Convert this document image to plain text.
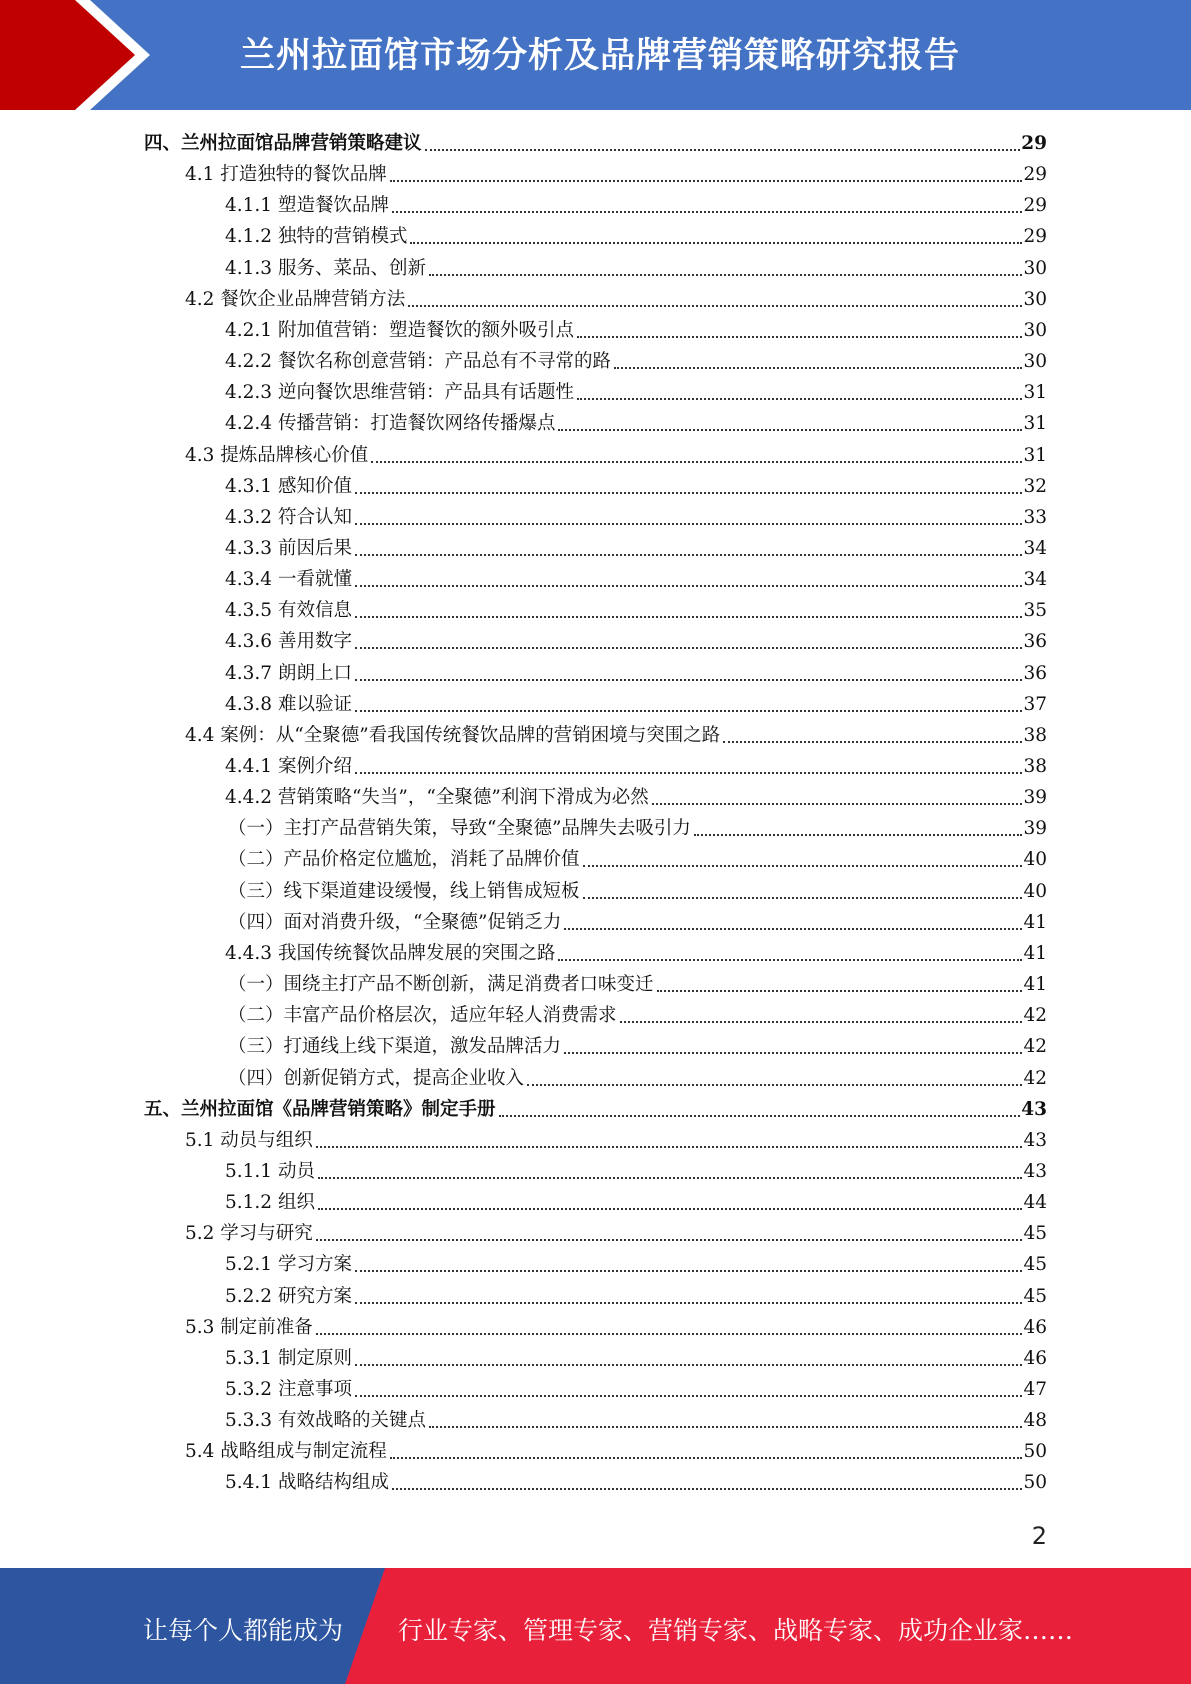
兰州拉面馆市场分析及品牌营销策略研究报告
四、兰州拉面馆品牌营销策略建议	29
4.1 打造独特的餐饮品牌	29
4.1.1 塑造餐饮品牌	29
4.1.2 独特的营销模式	29
4.1.3 服务、菜品、创新	30
4.2 餐饮企业品牌营销方法	30
4.2.1 附加值营销：塑造餐饮的额外吸引点	30
4.2.2 餐饮名称创意营销：产品总有不寻常的路	30
4.2.3 逆向餐饮思维营销：产品具有话题性	31
4.2.4 传播营销：打造餐饮网络传播爆点	31
4.3 提炼品牌核心价值	31
4.3.1 感知价值	32
4.3.2 符合认知	33
4.3.3 前因后果	34
4.3.4 一看就懂	34
4.3.5 有效信息	35
4.3.6 善用数字	36
4.3.7 朗朗上口	36
4.3.8 难以验证	37
4.4 案例：从“全聚德”看我国传统餐饮品牌的营销困境与突围之路	38
4.4.1 案例介绍	38
4.4.2 营销策略“失当”，“全聚德”利润下滑成为必然	39
（一）主打产品营销失策，导致“全聚德”品牌失去吸引力	39
（二）产品价格定位尴尬，消耗了品牌价值	40
（三）线下渠道建设缓慢，线上销售成短板	40
（四）面对消费升级，“全聚德”促销乏力	41
4.4.3 我国传统餐饮品牌发展的突围之路	41
（一）围绕主打产品不断创新，满足消费者口味变迁	41
（二）丰富产品价格层次，适应年轻人消费需求	42
（三）打通线上线下渠道，激发品牌活力	42
（四）创新促销方式，提高企业收入	42
五、兰州拉面馆《品牌营销策略》制定手册	43
5.1 动员与组织	43
5.1.1 动员	43
5.1.2 组织	44
5.2 学习与研究	45
5.2.1 学习方案	45
5.2.2 研究方案	45
5.3 制定前准备	46
5.3.1 制定原则	46
5.3.2 注意事项	47
5.3.3 有效战略的关键点	48
5.4 战略组成与制定流程	50
5.4.1 战略结构组成	50
2
让每个人都能成为 行业专家、管理专家、营销专家、战略专家、成功企业家……
